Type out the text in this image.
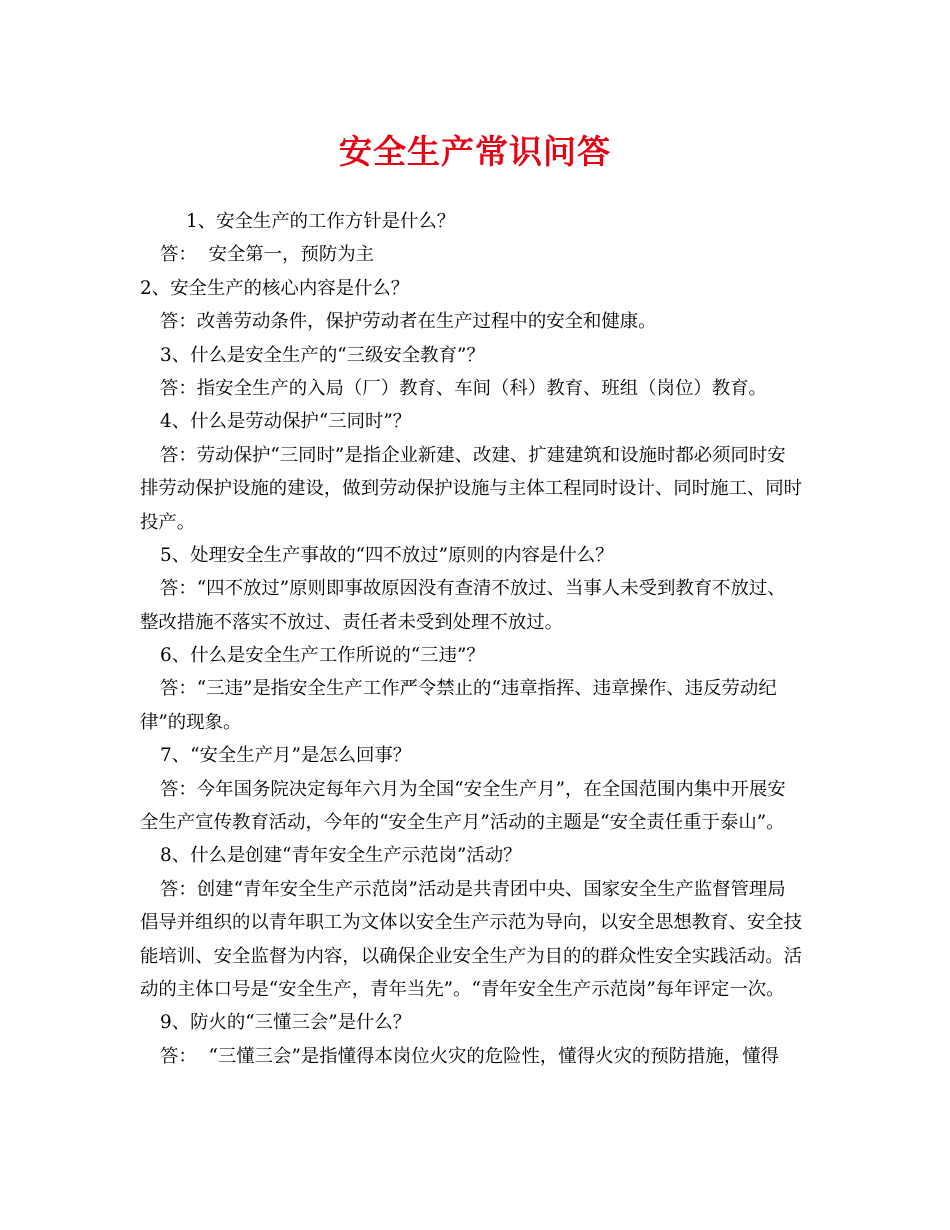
安全生产常识问答
1、安全生产的工作方针是什么？
答：  安全第一，预防为主
2、安全生产的核心内容是什么？
答：改善劳动条件，保护劳动者在生产过程中的安全和健康。
3、什么是安全生产的“三级安全教育”？
答：指安全生产的入局（厂）教育、车间（科）教育、班组（岗位）教育。
4、什么是劳动保护“三同时”？
答：劳动保护“三同时”是指企业新建、改建、扩建建筑和设施时都必须同时安
排劳动保护设施的建设，做到劳动保护设施与主体工程同时设计、同时施工、同时
投产。
5、处理安全生产事故的“四不放过”原则的内容是什么？
答：“四不放过”原则即事故原因没有查清不放过、当事人未受到教育不放过、
整改措施不落实不放过、责任者未受到处理不放过。
6、什么是安全生产工作所说的“三违”？
答：“三违”是指安全生产工作严令禁止的“违章指挥、违章操作、违反劳动纪
律”的现象。
7、“安全生产月”是怎么回事？
答：今年国务院决定每年六月为全国“安全生产月”，在全国范围内集中开展安
全生产宣传教育活动，今年的“安全生产月”活动的主题是“安全责任重于泰山”。
8、什么是创建“青年安全生产示范岗”活动？
答：创建“青年安全生产示范岗”活动是共青团中央、国家安全生产监督管理局
倡导并组织的以青年职工为文体以安全生产示范为导向，以安全思想教育、安全技
能培训、安全监督为内容，以确保企业安全生产为目的的群众性安全实践活动。活
动的主体口号是“安全生产，青年当先”。“青年安全生产示范岗”每年评定一次。
9、防火的“三懂三会”是什么？
答：  “三懂三会”是指懂得本岗位火灾的危险性，懂得火灾的预防措施，懂得
